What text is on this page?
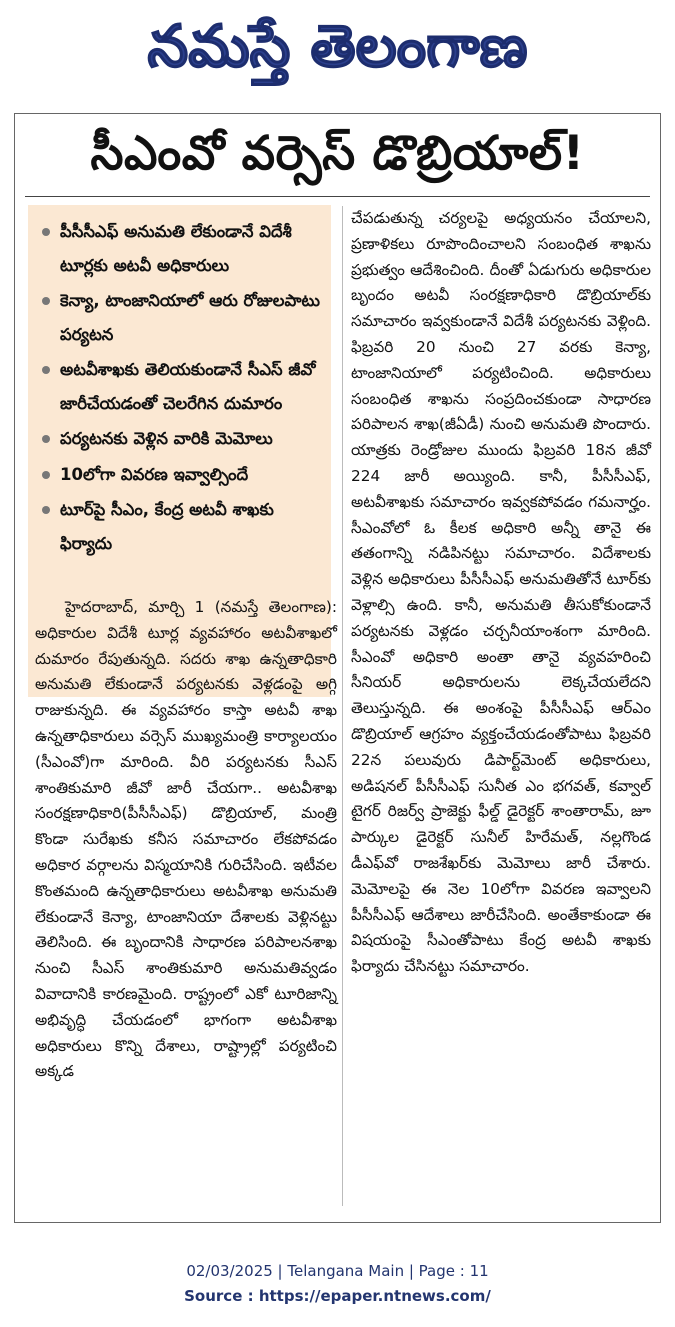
నమస్తే తెలంగాణ
సీఎంవో వర్సెస్ డొబ్రియాల్!
పీసీసీఎఫ్ అనుమతి లేకుండానే విదేశీ టూర్లకు అటవీ అధికారులు
కెన్యా, టాంజానియాలో ఆరు రోజులపాటు పర్యటన
అటవీశాఖకు తెలియకుండానే సీఎస్ జీవో జారీచేయడంతో చెలరేగిన దుమారం
పర్యటనకు వెళ్లిన వారికి మెమోలు
10లోగా వివరణ ఇవ్వాల్సిందే
టూర్‌పై సీఎం, కేంద్ర అటవీ శాఖకు ఫిర్యాదు
హైదరాబాద్, మార్చి 1 (నమస్తే తెలంగాణ): అధికారుల విదేశీ టూర్ల వ్యవహారం అటవీశాఖలో దుమారం రేపుతున్నది. సదరు శాఖ ఉన్నతాధికారి అనుమతి లేకుండానే పర్యటనకు వెళ్లడంపై అగ్గి రాజుకున్నది. ఈ వ్యవహారం కాస్తా అటవీ శాఖ ఉన్నతాధికారులు వర్సెస్ ముఖ్యమంత్రి కార్యాలయం (సీఎంవో)గా మారింది. వీరి పర్యటనకు సీఎస్ శాంతికుమారి జీవో జారీ చేయగా.. అటవీశాఖ సంరక్షణాధికారి(పీసీసీఎఫ్) డొబ్రియాల్, మంత్రి కొండా సురేఖకు కనీస సమాచారం లేకపోవడం అధికార వర్గాలను విస్మయానికి గురిచేసింది. ఇటీవల కొంతమంది ఉన్నతాధికారులు అటవీశాఖ అనుమతి లేకుండానే కెన్యా, టాంజానియా దేశాలకు వెళ్లినట్టు తెలిసింది. ఈ బృందానికి సాధారణ పరిపాలనశాఖ నుంచి సీఎస్ శాంతికుమారి అనుమతివ్వడం వివాదానికి కారణమైంది. రాష్ట్రంలో ఎకో టూరిజాన్ని అభివృద్ధి చేయడంలో భాగంగా అటవీశాఖ అధికారులు కొన్ని దేశాలు, రాష్ట్రాల్లో పర్యటించి అక్కడ
చేపడుతున్న చర్యలపై అధ్యయనం చేయాలని, ప్రణాళికలు రూపొందించాలని సంబంధిత శాఖను ప్రభుత్వం ఆదేశించింది. దీంతో ఏడుగురు అధికారుల బృందం అటవీ సంరక్షణాధికారి డొబ్రియాల్‌కు సమాచారం ఇవ్వకుండానే విదేశీ పర్యటనకు వెళ్లింది. ఫిబ్రవరి 20 నుంచి 27 వరకు కెన్యా, టాంజానియాలో పర్యటించింది. అధికారులు సంబంధిత శాఖను సంప్రదించకుండా సాధారణ పరిపాలన శాఖ(జీఏడీ) నుంచి అనుమతి పొందారు. యాత్రకు రెండ్రోజుల ముందు ఫిబ్రవరి 18న జీవో 224 జారీ అయ్యింది. కానీ, పీసీసీఎఫ్, అటవీశాఖకు సమాచారం ఇవ్వకపోవడం గమనార్హం. సీఎంవోలో ఓ కీలక అధికారి అన్నీ తానై ఈ తతంగాన్ని నడిపినట్టు సమాచారం. విదేశాలకు వెళ్లిన అధికారులు పీసీసీఎఫ్ అనుమతితోనే టూర్‌కు వెళ్లాల్సి ఉంది. కానీ, అనుమతి తీసుకోకుండానే పర్యటనకు వెళ్లడం చర్చనీయాంశంగా మారింది. సీఎంవో అధికారి అంతా తానై వ్యవహరించి సీనియర్ అధికారులను లెక్కచేయలేదని తెలుస్తున్నది. ఈ అంశంపై పీసీసీఎఫ్ ఆర్ఎం డొబ్రియాల్ ఆగ్రహం వ్యక్తంచేయడంతోపాటు ఫిబ్రవరి 22న పలువురు డిపార్ట్‌మెంట్ అధికారులు, అడిషనల్ పీసీసీఎఫ్ సునీత ఎం భగవత్, కవ్వాల్ టైగర్ రిజర్వ్ ప్రాజెక్టు ఫీల్డ్ డైరెక్టర్ శాంతారామ్, జూ పార్కుల డైరెక్టర్ సునీల్ హిరేమత్, నల్లగొండ డీఎఫ్‌వో రాజశేఖర్‌కు మెమోలు జారీ చేశారు. మెమోలపై ఈ నెల 10లోగా వివరణ ఇవ్వాలని పీసీసీఎఫ్ ఆదేశాలు జారీచేసింది. అంతేకాకుండా ఈ విషయంపై సీఎంతోపాటు కేంద్ర అటవీ శాఖకు ఫిర్యాదు చేసినట్టు సమాచారం.
02/03/2025 | Telangana Main | Page : 11
Source : https://epaper.ntnews.com/
